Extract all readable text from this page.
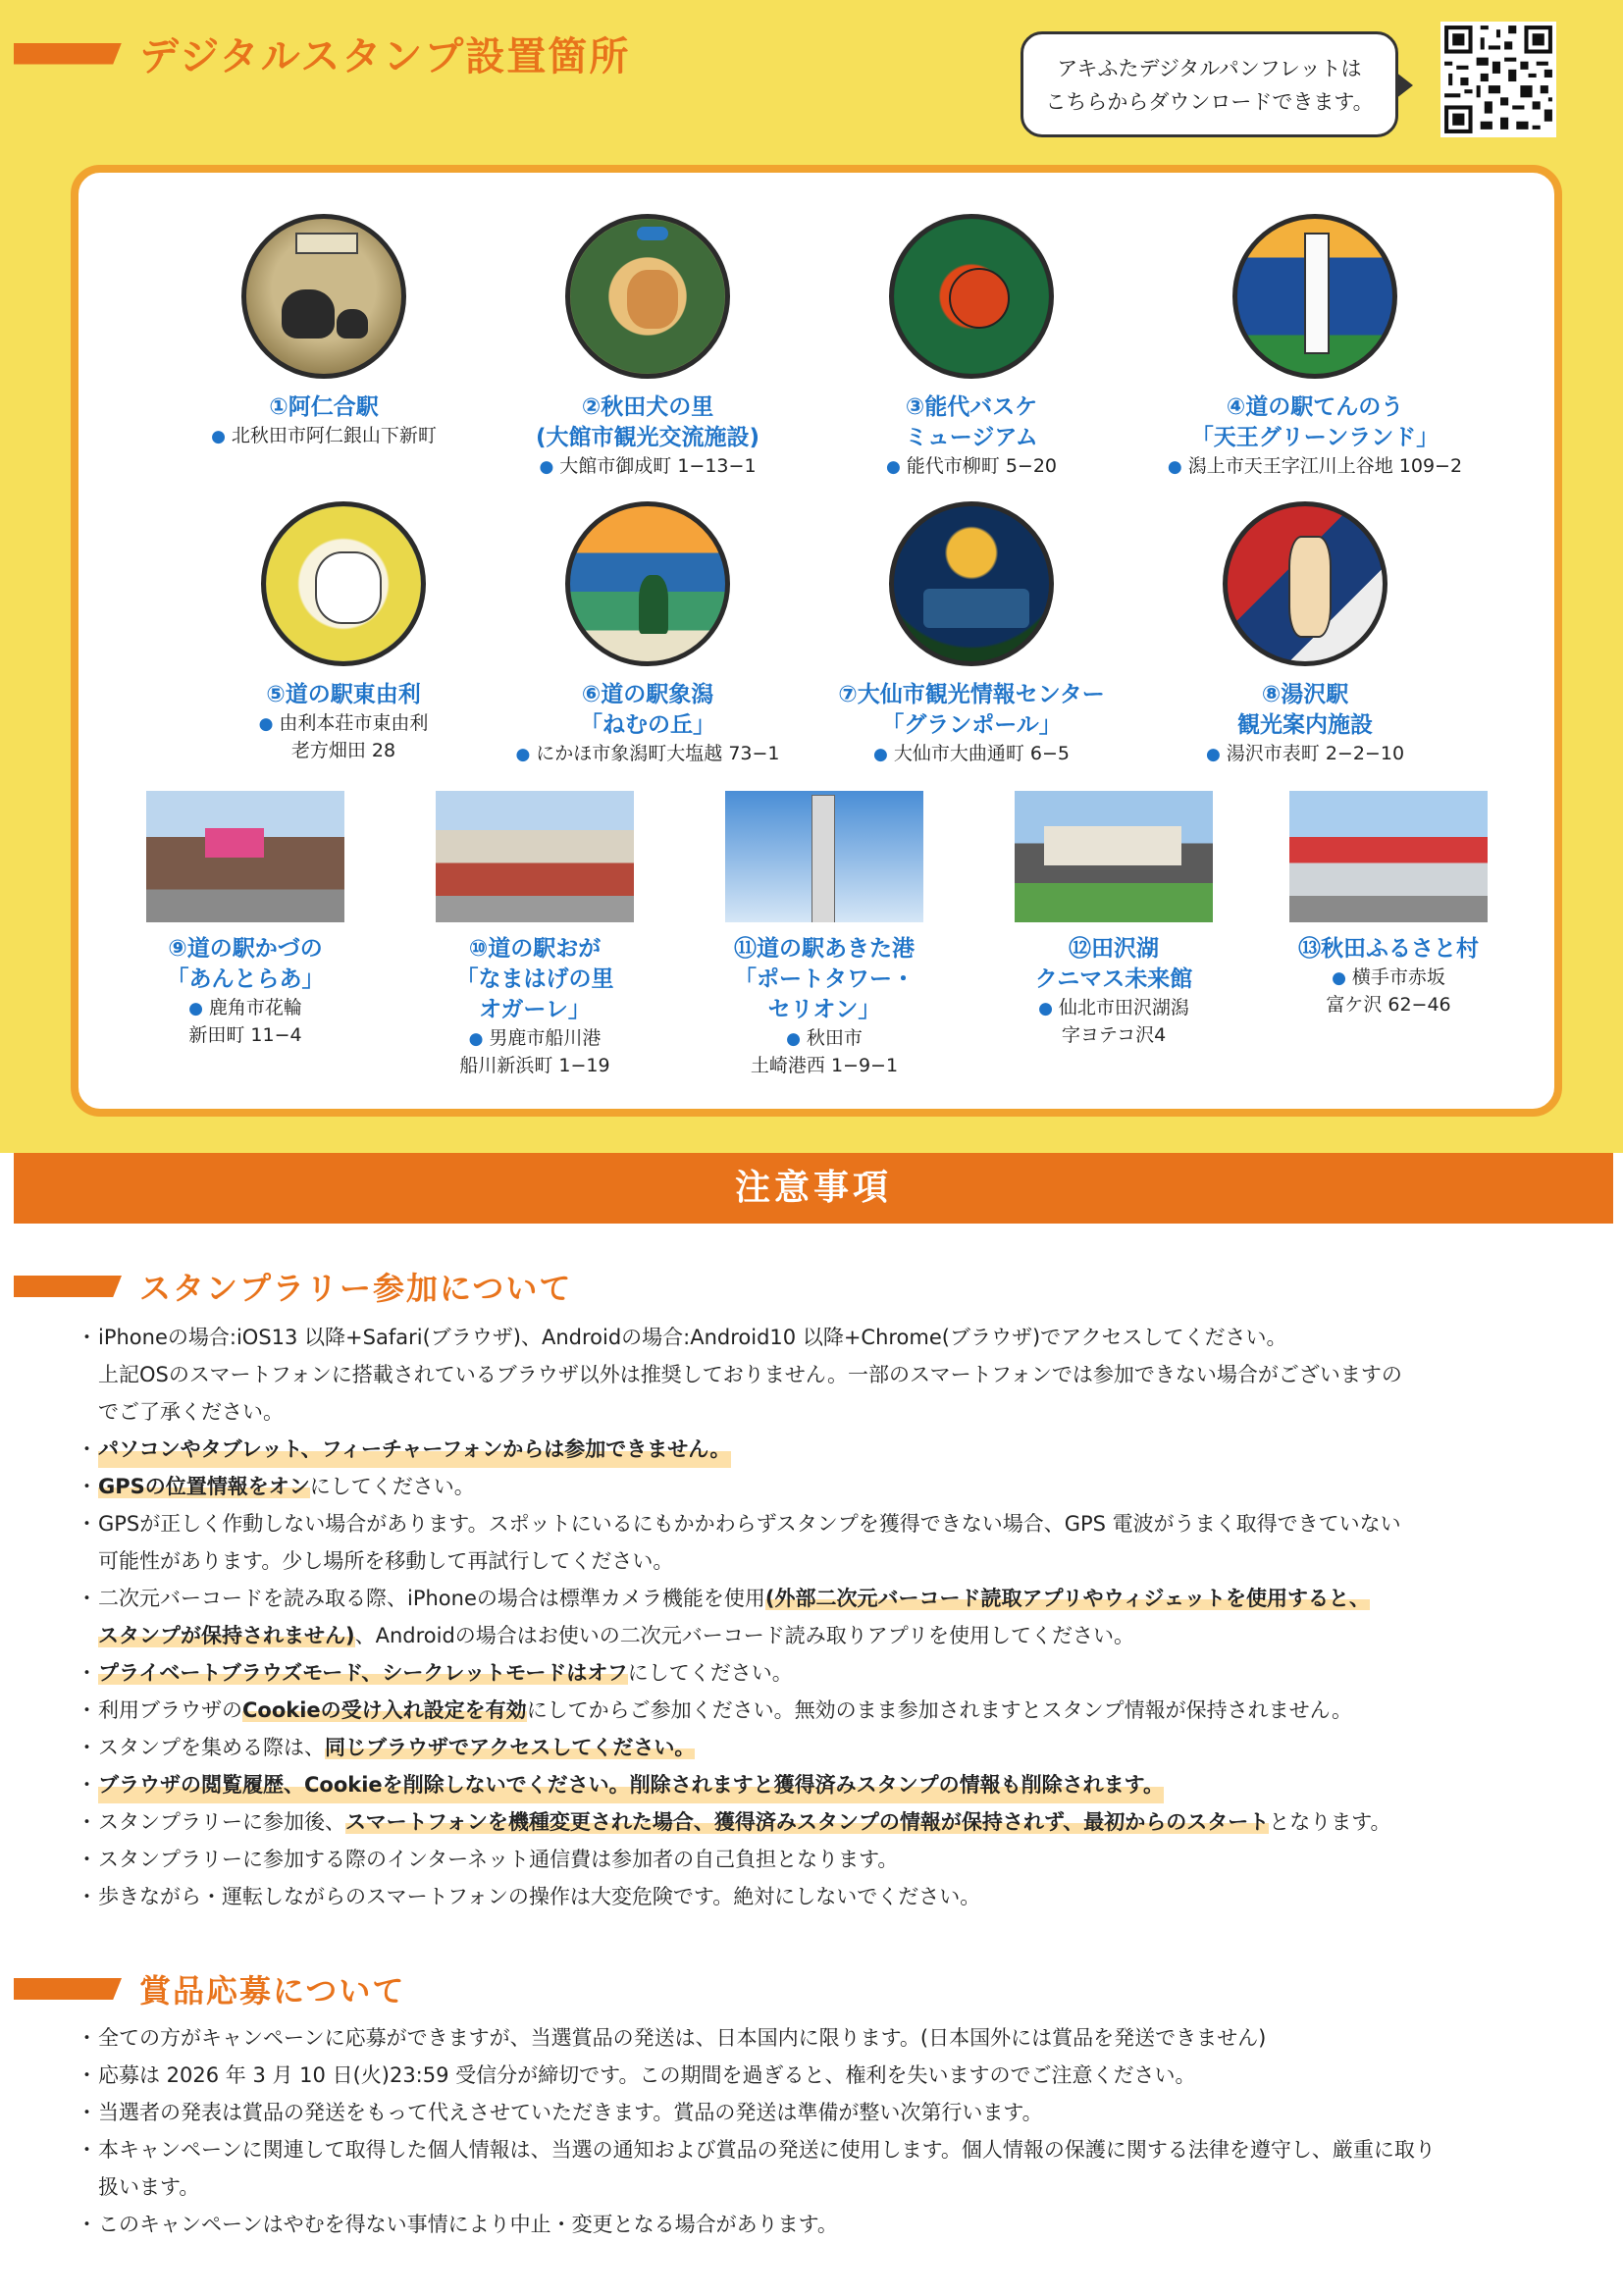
デジタルスタンプ設置箇所	アキふたデジタルパンフレットは
こちらからダウンロードできます。
①阿仁合駅
● 北秋田市阿仁銀山下新町
②秋田犬の里
(大館市観光交流施設)
● 大館市御成町 1−13−1
③能代バスケ
ミュージアム
● 能代市柳町 5−20
④道の駅てんのう
「天王グリーンランド」
● 潟上市天王字江川上谷地 109−2
⑤道の駅東由利
● 由利本荘市東由利
老方畑田 28
⑥道の駅象潟
「ねむの丘」
● にかほ市象潟町大塩越 73−1
⑦大仙市観光情報センター
「グランポール」
● 大仙市大曲通町 6−5
⑧湯沢駅
観光案内施設
● 湯沢市表町 2−2−10
⑨道の駅かづの
「あんとらあ」
● 鹿角市花輪
新田町 11−4
⑩道の駅おが
「なまはげの里
オガーレ」
● 男鹿市船川港
船川新浜町 1−19
⑪道の駅あきた港
「ポートタワー・
セリオン」
● 秋田市
土崎港西 1−9−1
⑫田沢湖
クニマス未来館
● 仙北市田沢湖潟
字ヨテコ沢4
⑬秋田ふるさと村
● 横手市赤坂
富ケ沢 62−46
注意事項
スタンプラリー参加について
・ iPhoneの場合:iOS13 以降+Safari(ブラウザ)、Androidの場合:Android10 以降+Chrome(ブラウザ)でアクセスしてください。
上記OSのスマートフォンに搭載されているブラウザ以外は推奨しておりません。一部のスマートフォンでは参加できない場合がございますの
でご了承ください。
・ パソコンやタブレット、フィーチャーフォンからは参加できません。
・ GPSの位置情報をオンにしてください。
・ GPSが正しく作動しない場合があります。スポットにいるにもかかわらずスタンプを獲得できない場合、GPS 電波がうまく取得できていない
可能性があります。少し場所を移動して再試行してください。
・ 二次元バーコードを読み取る際、iPhoneの場合は標準カメラ機能を使用(外部二次元バーコード読取アプリやウィジェットを使用すると、
スタンプが保持されません)、Androidの場合はお使いの二次元バーコード読み取りアプリを使用してください。
・ プライベートブラウズモード、シークレットモードはオフにしてください。
・ 利用ブラウザのCookieの受け入れ設定を有効にしてからご参加ください。無効のまま参加されますとスタンプ情報が保持されません。
・ スタンプを集める際は、同じブラウザでアクセスしてください。
・ ブラウザの閲覧履歴、Cookieを削除しないでください。削除されますと獲得済みスタンプの情報も削除されます。
・ スタンプラリーに参加後、スマートフォンを機種変更された場合、獲得済みスタンプの情報が保持されず、最初からのスタートとなります。
・ スタンプラリーに参加する際のインターネット通信費は参加者の自己負担となります。
・ 歩きながら・運転しながらのスマートフォンの操作は大変危険です。絶対にしないでください。
賞品応募について
・ 全ての方がキャンペーンに応募ができますが、当選賞品の発送は、日本国内に限ります。(日本国外には賞品を発送できません)
・ 応募は 2026 年 3 月 10 日(火)23:59 受信分が締切です。この期間を過ぎると、権利を失いますのでご注意ください。
・ 当選者の発表は賞品の発送をもって代えさせていただきます。賞品の発送は準備が整い次第行います。
・ 本キャンペーンに関連して取得した個人情報は、当選の通知および賞品の発送に使用します。個人情報の保護に関する法律を遵守し、厳重に取り
扱います。
・ このキャンペーンはやむを得ない事情により中止・変更となる場合があります。
